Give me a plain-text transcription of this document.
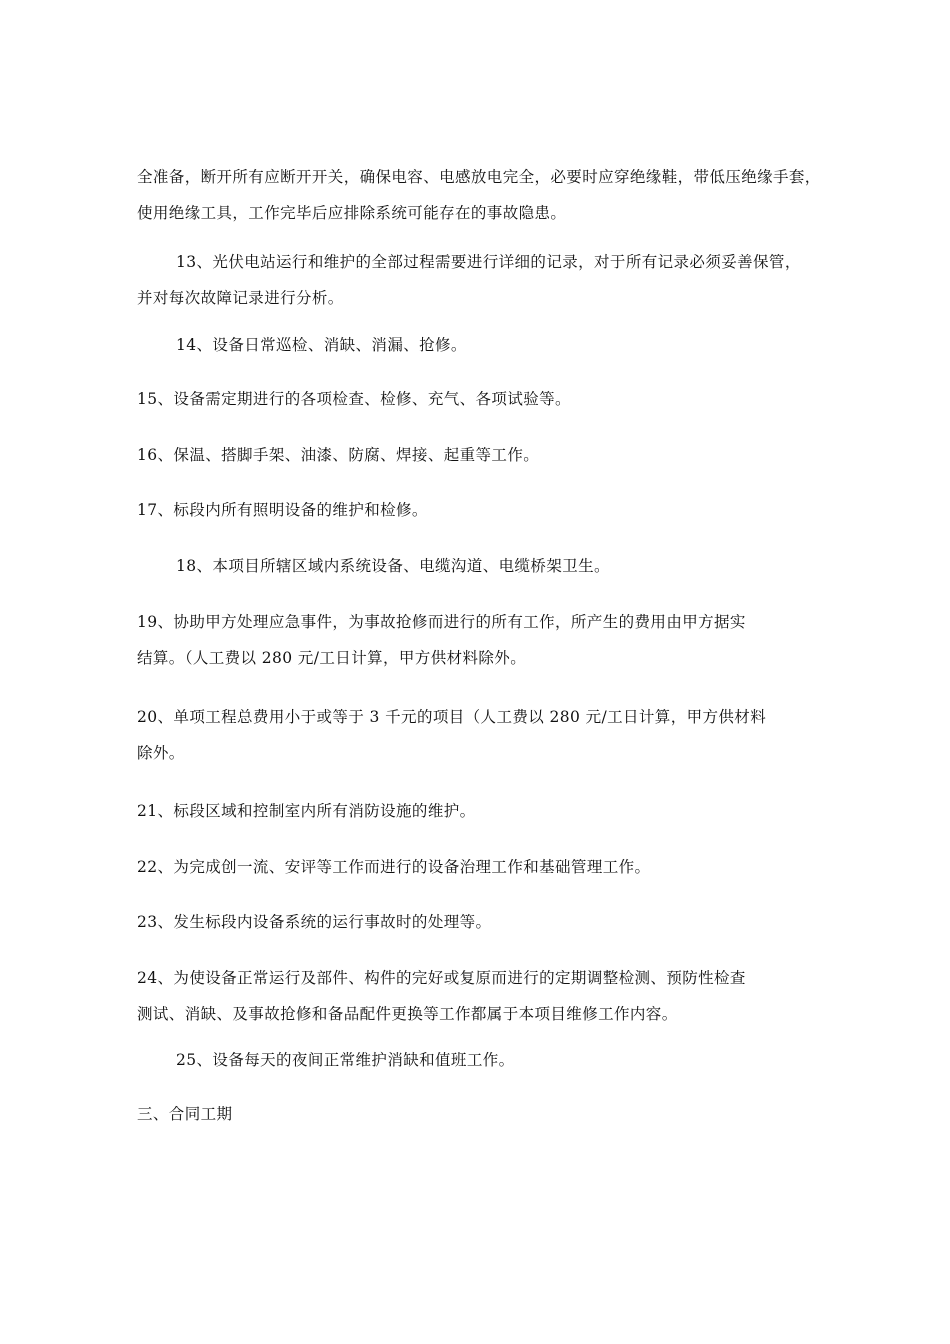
全准备，断开所有应断开开关，确保电容、电感放电完全，必要时应穿绝缘鞋，带低压绝缘手套，
使用绝缘工具，工作完毕后应排除系统可能存在的事故隐患。
13、光伏电站运行和维护的全部过程需要进行详细的记录，对于所有记录必须妥善保管，
并对每次故障记录进行分析。
14、设备日常巡检、消缺、消漏、抢修。
15、设备需定期进行的各项检查、检修、充气、各项试验等。
16、保温、搭脚手架、油漆、防腐、焊接、起重等工作。
17、标段内所有照明设备的维护和检修。
18、本项目所辖区域内系统设备、电缆沟道、电缆桥架卫生。
19、协助甲方处理应急事件，为事故抢修而进行的所有工作，所产生的费用由甲方据实
结算。（人工费以 280 元/工日计算，甲方供材料除外。
20、单项工程总费用小于或等于 3 千元的项目（人工费以 280 元/工日计算，甲方供材料
除外。
21、标段区域和控制室内所有消防设施的维护。
22、为完成创一流、安评等工作而进行的设备治理工作和基础管理工作。
23、发生标段内设备系统的运行事故时的处理等。
24、为使设备正常运行及部件、构件的完好或复原而进行的定期调整检测、预防性检查
测试、消缺、及事故抢修和备品配件更换等工作都属于本项目维修工作内容。
25、设备每天的夜间正常维护消缺和值班工作。
三、合同工期
